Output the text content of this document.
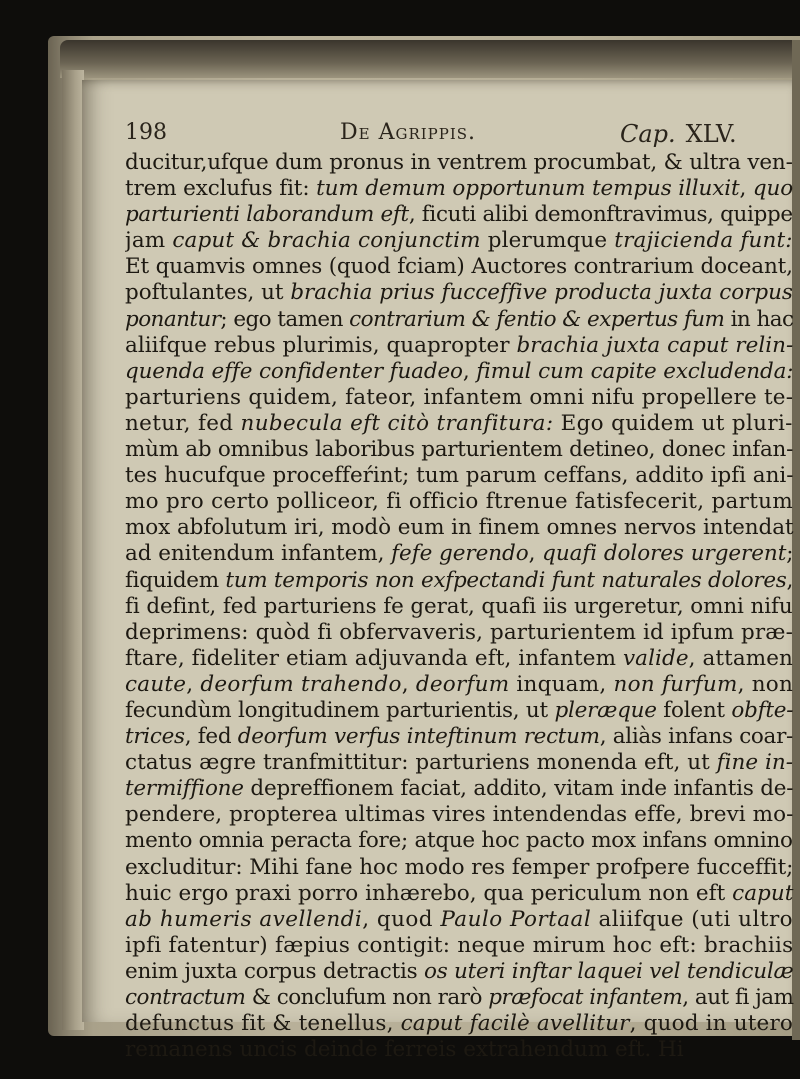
198	De Agrippis.	Cap. XLV.
ducitur,ufque dum pronus in ventrem procumbat, & ultra ven-
trem exclufus fit: tum demum opportunum tempus illuxit, quo
parturienti laborandum eft, ficuti alibi demonftravimus, quippe
jam caput & brachia conjunctim plerumque trajicienda funt:
Et quamvis omnes (quod fciam) Auctores contrarium doceant,
poftulantes, ut brachia prius fucceffive producta juxta corpus
ponantur; ego tamen contrarium & fentio & expertus fum in hac
aliifque rebus plurimis, quapropter brachia juxta caput relin-
quenda effe confidenter fuadeo, fimul cum capite excludenda:
parturiens quidem, fateor, infantem omni nifu propellere te-
netur, fed nubecula eft citò tranfitura: Ego quidem ut pluri-
mùm ab omnibus laboribus parturientem detineo, donec infan-
tes hucufque proceffeŕint; tum parum ceffans, addito ipfi ani-
mo pro certo polliceor, fi officio ftrenue fatisfecerit, partum
mox abfolutum iri, modò eum in finem omnes nervos intendat
ad enitendum infantem, fefe gerendo, quafi dolores urgerent;
fiquidem tum temporis non exfpectandi funt naturales dolores,
fi defint, fed parturiens fe gerat, quafi iis urgeretur, omni nifu
deprimens: quòd fi obfervaveris, parturientem id ipfum præ-
ftare, fideliter etiam adjuvanda eft, infantem valide, attamen
caute, deorfum trahendo, deorfum inquam, non furfum, non
fecundùm longitudinem parturientis, ut pleræque folent obfte-
trices, fed deorfum verfus inteftinum rectum, aliàs infans coar-
ctatus ægre tranfmittitur: parturiens monenda eft, ut fine in-
termiffione depreffionem faciat, addito, vitam inde infantis de-
pendere, propterea ultimas vires intendendas effe, brevi mo-
mento omnia peracta fore; atque hoc pacto mox infans omnino
excluditur: Mihi fane hoc modo res femper profpere fucceffit;
huic ergo praxi porro inhærebo, qua periculum non eft caput
ab humeris avellendi, quod Paulo Portaal aliifque (uti ultro
ipfi fatentur) fæpius contigit: neque mirum hoc eft: brachiis
enim juxta corpus detractis os uteri inftar laquei vel tendiculæ
contractum & conclufum non rarò præfocat infantem, aut fi jam
defunctus fit & tenellus, caput facilè avellitur, quod in utero
remanens uncis deinde ferreis extrahendum eft. Hi
